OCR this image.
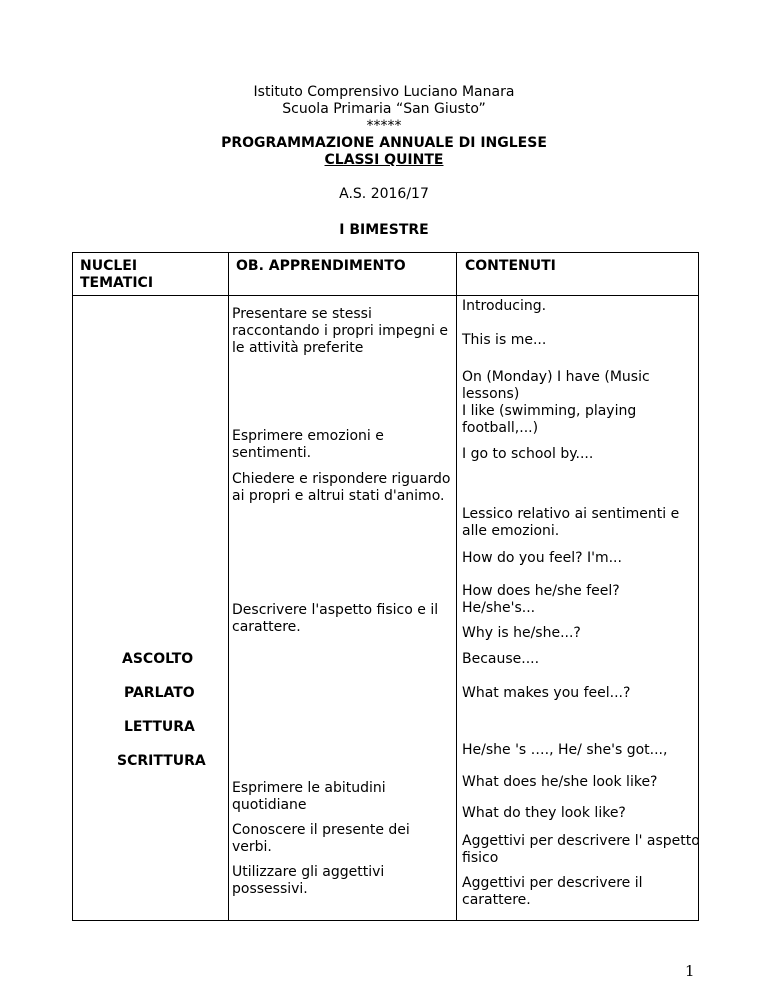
Istituto Comprensivo Luciano Manara
Scuola Primaria “San Giusto”
*****
PROGRAMMAZIONE ANNUALE DI INGLESE
CLASSI QUINTE
A.S. 2016/17
I BIMESTRE
NUCLEI
TEMATICI
OB. APPRENDIMENTO	CONTENUTI
ASCOLTO
PARLATO
LETTURA
SCRITTURA
Presentare se stessi
raccontando i propri impegni e
le attività preferite
Esprimere emozioni e
sentimenti.
Chiedere e rispondere riguardo
ai propri e altrui stati d'animo.
Descrivere l'aspetto fisico e il
carattere.
Esprimere le abitudini
quotidiane
Conoscere il presente dei
verbi.
Utilizzare gli aggettivi
possessivi.
Introducing.
This is me...
On (Monday) I have (Music
lessons)
I like (swimming, playing
football,...)
I go to school by....
Lessico relativo ai sentimenti e
alle emozioni.
How do you feel? I'm...
How does he/she feel?
He/she's...
Why is he/she...?
Because....
What makes you feel...?
He/she 's …., He/ she's got...,
What does he/she look like?
What do they look like?
Aggettivi per descrivere l' aspetto
fisico
Aggettivi per descrivere il
carattere.
1
